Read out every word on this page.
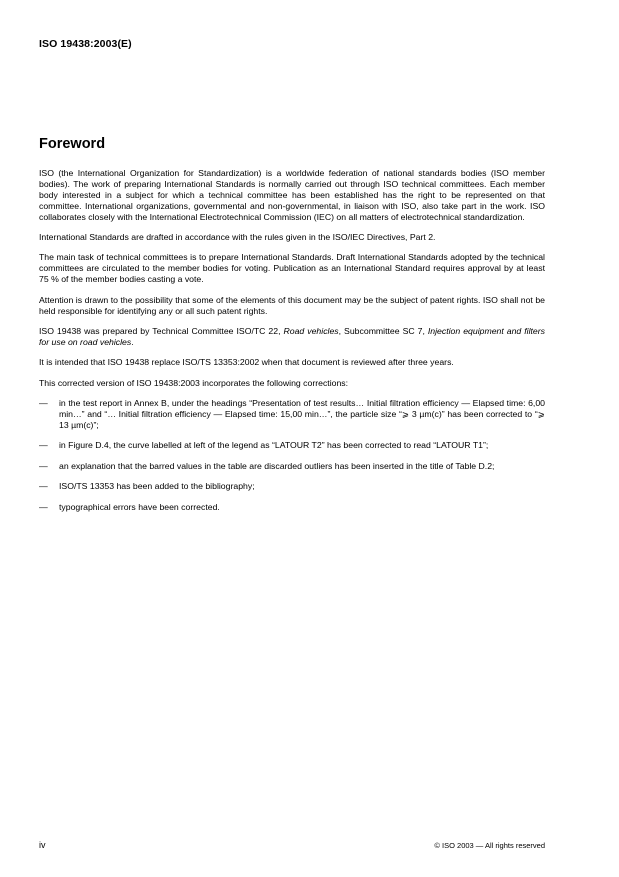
ISO 19438:2003(E)
Foreword

ISO (the International Organization for Standardization) is a worldwide federation of national standards bodies (ISO member bodies). The work of preparing International Standards is normally carried out through ISO technical committees. Each member body interested in a subject for which a technical committee has been established has the right to be represented on that committee. International organizations, governmental and non-governmental, in liaison with ISO, also take part in the work. ISO collaborates closely with the International Electrotechnical Commission (IEC) on all matters of electrotechnical standardization.

International Standards are drafted in accordance with the rules given in the ISO/IEC Directives, Part 2.

The main task of technical committees is to prepare International Standards. Draft International Standards adopted by the technical committees are circulated to the member bodies for voting. Publication as an International Standard requires approval by at least 75 % of the member bodies casting a vote.

Attention is drawn to the possibility that some of the elements of this document may be the subject of patent rights. ISO shall not be held responsible for identifying any or all such patent rights.

ISO 19438 was prepared by Technical Committee ISO/TC 22, Road vehicles, Subcommittee SC 7, Injection equipment and filters for use on road vehicles.

It is intended that ISO 19438 replace ISO/TS 13353:2002 when that document is reviewed after three years.

This corrected version of ISO 19438:2003 incorporates the following corrections:

—	in the test report in Annex B, under the headings “Presentation of test results… Initial filtration efficiency — Elapsed time: 6,00 min…” and “… Initial filtration efficiency — Elapsed time: 15,00 min…”, the particle size “⩾ 3 µm(c)” has been corrected to “⩾ 13 µm(c)”;
—	in Figure D.4, the curve labelled at left of the legend as “LATOUR T2” has been corrected to read “LATOUR T1”;
—	an explanation that the barred values in the table are discarded outliers has been inserted in the title of Table D.2;
—	ISO/TS 13353 has been added to the bibliography;
—	typographical errors have been corrected.
iv	© ISO 2003 — All rights reserved
